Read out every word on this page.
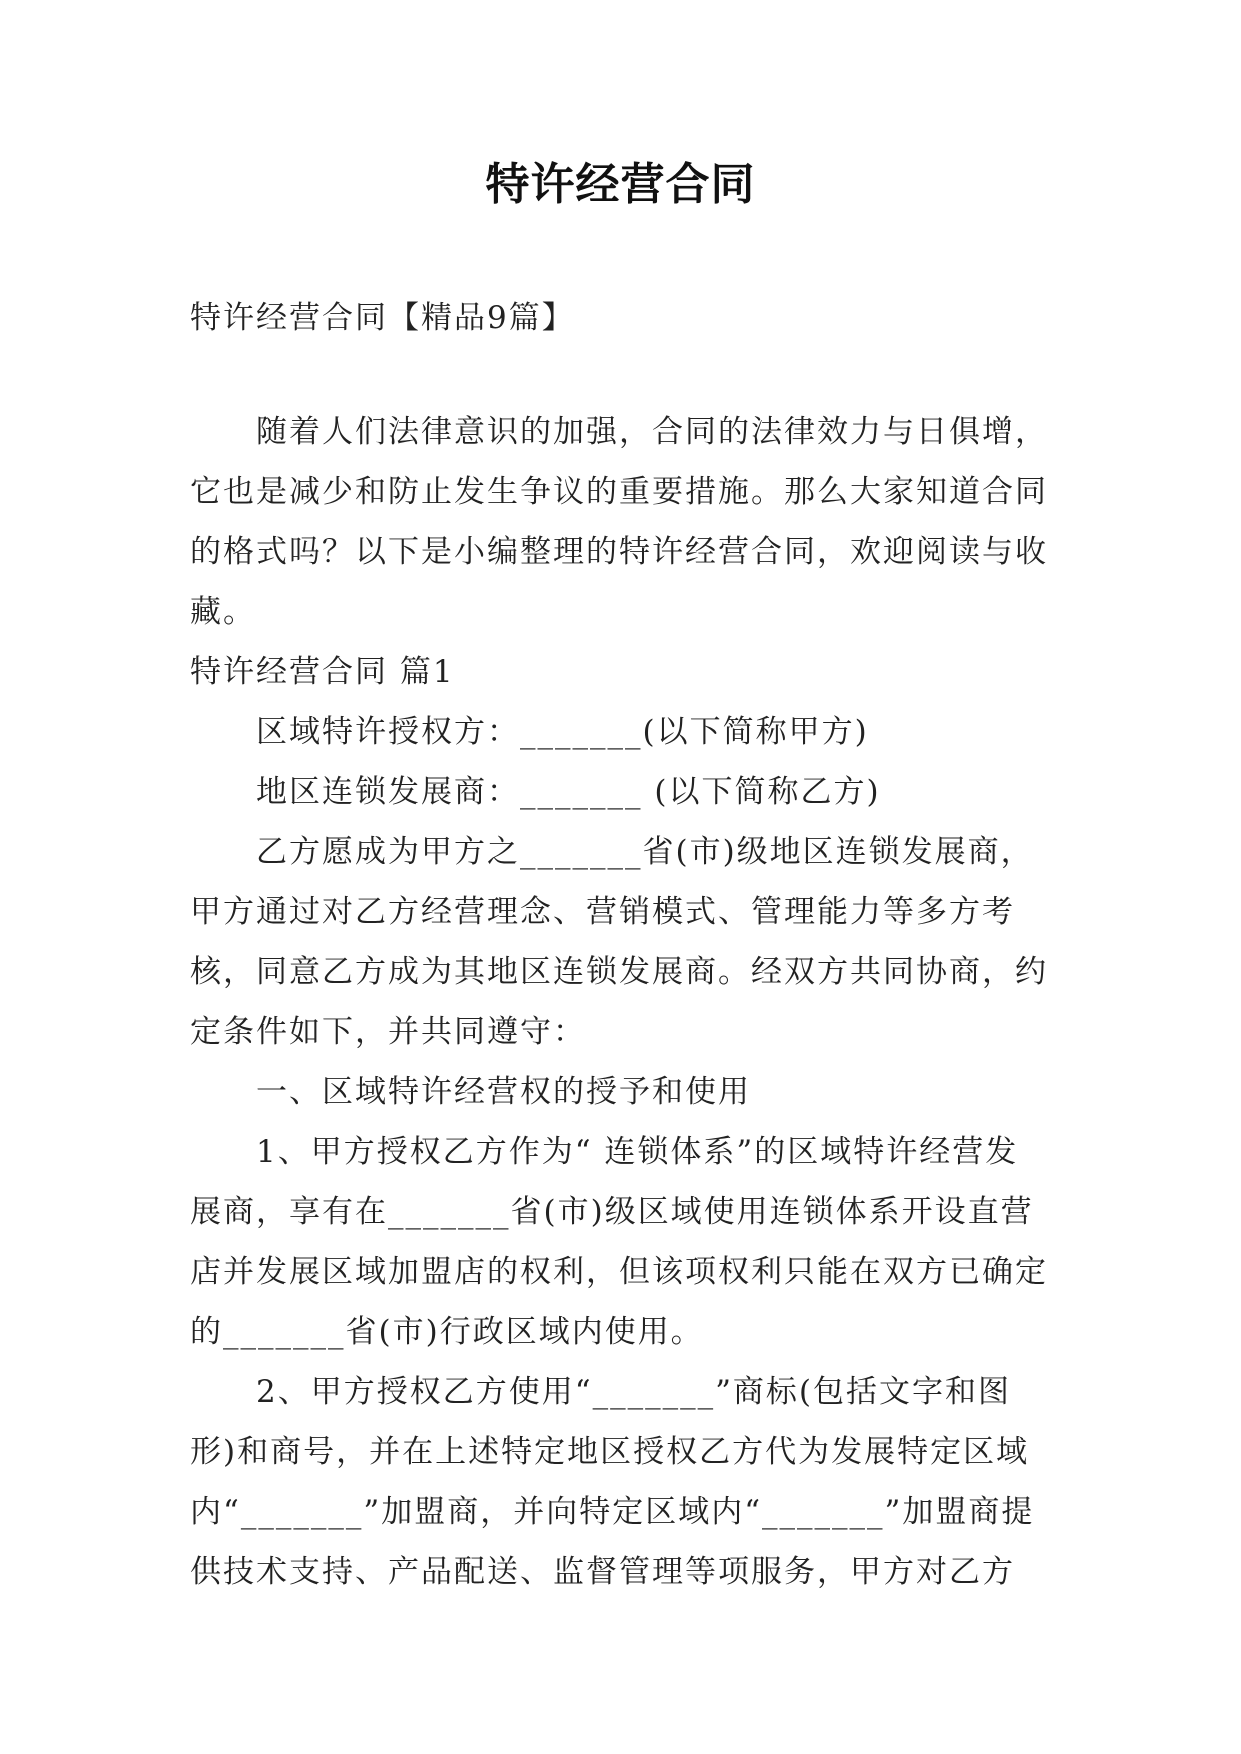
特许经营合同
特许经营合同【精品9篇】

随着人们法律意识的加强，合同的法律效力与日俱增，它也是减少和防止发生争议的重要措施。那么大家知道合同的格式吗？以下是小编整理的特许经营合同，欢迎阅读与收藏。

特许经营合同 篇1

区域特许授权方：_______(以下简称甲方)

地区连锁发展商：_______ (以下简称乙方)

乙方愿成为甲方之_______省(市)级地区连锁发展商，甲方通过对乙方经营理念、营销模式、管理能力等多方考核，同意乙方成为其地区连锁发展商。经双方共同协商，约定条件如下，并共同遵守：

一、区域特许经营权的授予和使用

1、甲方授权乙方作为“ 连锁体系”的区域特许经营发展商，享有在_______省(市)级区域使用连锁体系开设直营店并发展区域加盟店的权利，但该项权利只能在双方已确定的_______省(市)行政区域内使用。

2、甲方授权乙方使用“_______”商标(包括文字和图形)和商号，并在上述特定地区授权乙方代为发展特定区域内“_______”加盟商，并向特定区域内“_______”加盟商提供技术支持、产品配送、监督管理等项服务，甲方对乙方
